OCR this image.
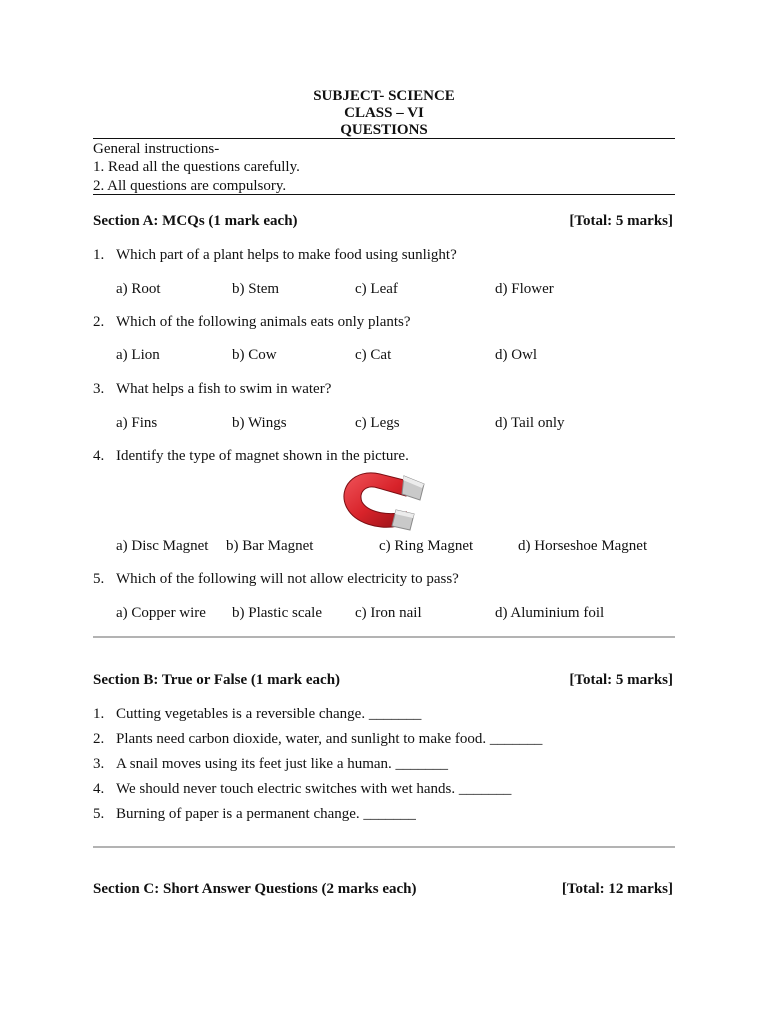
SUBJECT- SCIENCE
CLASS – VI
QUESTIONS
General instructions-
1. Read all the questions carefully.
2. All questions are compulsory.
Section A: MCQs (1 mark each)	[Total: 5 marks]
1. Which part of a plant helps to make food using sunlight?
a) Root	b) Stem	c) Leaf	d) Flower
2. Which of the following animals eats only plants?
a) Lion	b) Cow	c) Cat	d) Owl
3. What helps a fish to swim in water?
a) Fins	b) Wings	c) Legs	d) Tail only
4. Identify the type of magnet shown in the picture.
a) Disc Magnet b) Bar Magnet	c) Ring Magnet	d) Horseshoe Magnet
5. Which of the following will not allow electricity to pass?
a) Copper wire b) Plastic scale c) Iron nail	d) Aluminium foil
Section B: True or False (1 mark each)	[Total: 5 marks]
1. Cutting vegetables is a reversible change. _______
2. Plants need carbon dioxide, water, and sunlight to make food. _______
3. A snail moves using its feet just like a human. _______
4. We should never touch electric switches with wet hands. _______
5. Burning of paper is a permanent change. _______
Section C: Short Answer Questions (2 marks each)	[Total: 12 marks]
